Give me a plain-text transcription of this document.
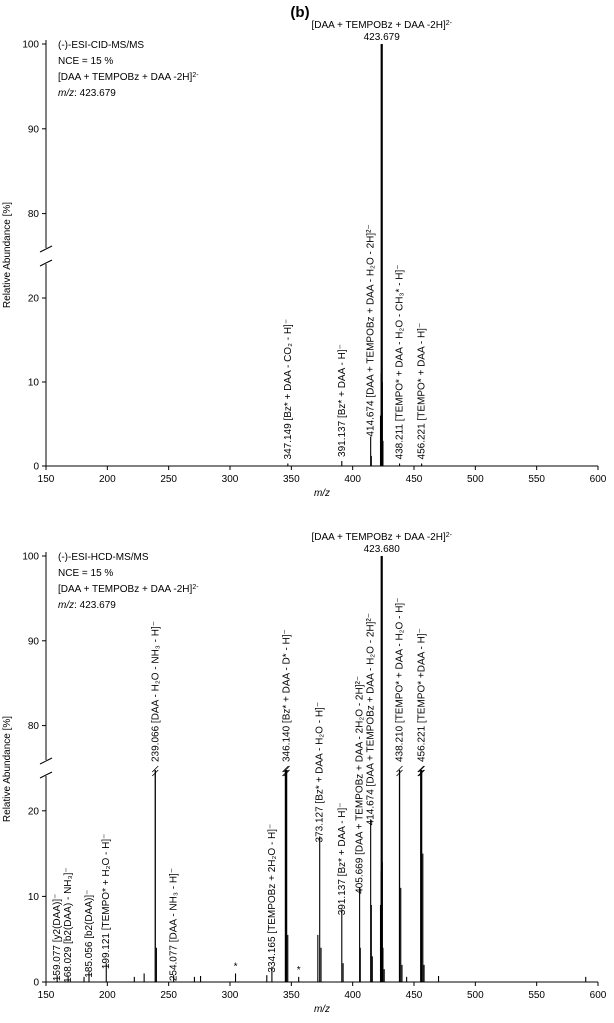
(b)
150	200	250	300	350	400	450	500	550	600
0
10
20
80
90
100
m/z
Relative Abundance [%]
(-)-ESI-CID-MS/MS
NCE = 15 %
[DAA + TEMPOBz + DAA -2H]$^{2-}$
m/z: 423.679
347.149 [Bz* + DAA - CO₂ - H]⁻	391.137 [Bz* + DAA - H]⁻ 414.674 [DAA + TEMPOBz + DAA - H₂O - 2H]²⁻ 438.211 [TEMPO* + DAA - H₂O - CH₃* - H]⁻ 456.221 [TEMPO* + DAA - H]⁻
[DAA + TEMPOBz + DAA -2H]$^{2-}$
423.679
150	200	250	300	350	400	450	500	550	600
0
10
20
80
90
100
m/z
Relative Abundance [%]
(-)-ESI-HCD-MS/MS
NCE = 15 %
[DAA + TEMPOBz + DAA -2H]$^{2-}$
m/z: 423.679
*	*
159.077 [y2(DAA)]⁻ 168.029 [b2(DAA) - NH₃]⁻ 185.056 [b2(DAA)]⁻ 199.121 [TEMPO* + H₂O - H]⁻
239.066 [DAA - H₂O - NH₃ - H]⁻
254.077 [DAA - NH₃ - H]⁻	334.165 [TEMPOBz + 2H₂O - H]⁻
346.140 [Bz* + DAA - D* - H]⁻
373.127 [Bz* + DAA - H₂O - H]⁻
391.137 [Bz* + DAA - H]⁻ 405.669 [DAA + TEMPOBz + DAA - 2H₂O - 2H]²⁻ 414.674 [DAA + TEMPOBz + DAA - H₂O - 2H]²⁻ 438.210 [TEMPO* + DAA - H₂O - H]⁻ 456.221 [TEMPO* +DAA - H]⁻
[DAA + TEMPOBz + DAA -2H]$^{2-}$
423.680
